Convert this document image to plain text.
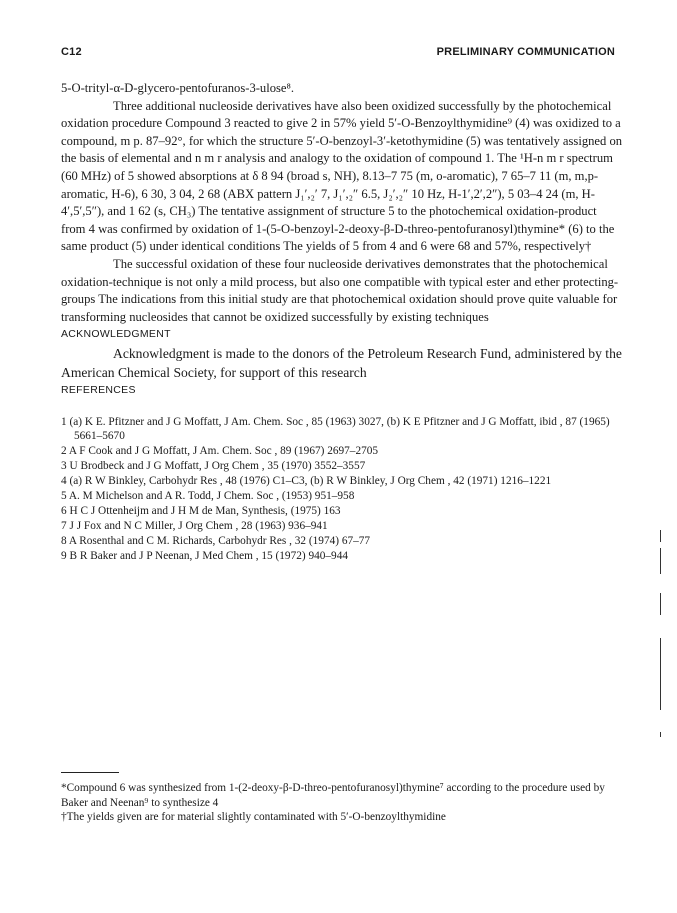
C12	PRELIMINARY COMMUNICATION

5-O-trityl-α-D-glycero-pentofuranos-3-ulose⁸.

Three additional nucleoside derivatives have also been oxidized successfully by the photochemical oxidation procedure Compound 3 reacted to give 2 in 57% yield 5′-O-Benzoylthymidine⁹ (4) was oxidized to a compound, m p. 87–92°, for which the structure 5′-O-benzoyl-3′-ketothymidine (5) was tentatively assigned on the basis of elemental and n m r analysis and analogy to the oxidation of compound 1. The ¹H-n m r spectrum (60 MHz) of 5 showed absorptions at δ 8 94 (broad s, NH), 8.13–7 75 (m, o-aromatic), 7 65–7 11 (m, m,p-aromatic, H-6), 6 30, 3 04, 2 68 (ABX pattern J₁′,₂′ 7, J₁′,₂″ 6.5, J₂′,₂″ 10 Hz, H-1′,2′,2″), 5 03–4 24 (m, H-4′,5′,5″), and 1 62 (s, CH₃) The tentative assignment of structure 5 to the photochemical oxidation-product from 4 was confirmed by oxidation of 1-(5-O-benzoyl-2-deoxy-β-D-threo-pentofuranosyl)thymine* (6) to the same product (5) under identical conditions The yields of 5 from 4 and 6 were 68 and 57%, respectively†

The successful oxidation of these four nucleoside derivatives demonstrates that the photochemical oxidation-technique is not only a mild process, but also one compatible with typical ester and ether protecting-groups The indications from this initial study are that photochemical oxidation should prove quite valuable for transforming nucleosides that cannot be oxidized successfully by existing techniques

ACKNOWLEDGMENT

Acknowledgment is made to the donors of the Petroleum Research Fund, administered by the American Chemical Society, for support of this research

REFERENCES

1 (a) K E. Pfitzner and J G Moffatt, J Am. Chem. Soc , 85 (1963) 3027, (b) K E Pfitzner and J G Moffatt, ibid , 87 (1965) 5661–5670

2 A F Cook and J G Moffatt, J Am. Chem. Soc , 89 (1967) 2697–2705

3 U Brodbeck and J G Moffatt, J Org Chem , 35 (1970) 3552–3557

4 (a) R W Binkley, Carbohydr Res , 48 (1976) C1–C3, (b) R W Binkley, J Org Chem , 42 (1971) 1216–1221

5 A. M Michelson and A R. Todd, J Chem. Soc , (1953) 951–958

6 H C J Ottenheijm and J H M de Man, Synthesis, (1975) 163

7 J J Fox and N C Miller, J Org Chem , 28 (1963) 936–941

8 A Rosenthal and C M. Richards, Carbohydr Res , 32 (1974) 67–77

9 B R Baker and J P Neenan, J Med Chem , 15 (1972) 940–944

*Compound 6 was synthesized from 1-(2-deoxy-β-D-threo-pentofuranosyl)thymine⁷ according to the procedure used by Baker and Neenan⁹ to synthesize 4

†The yields given are for material slightly contaminated with 5′-O-benzoylthymidine
